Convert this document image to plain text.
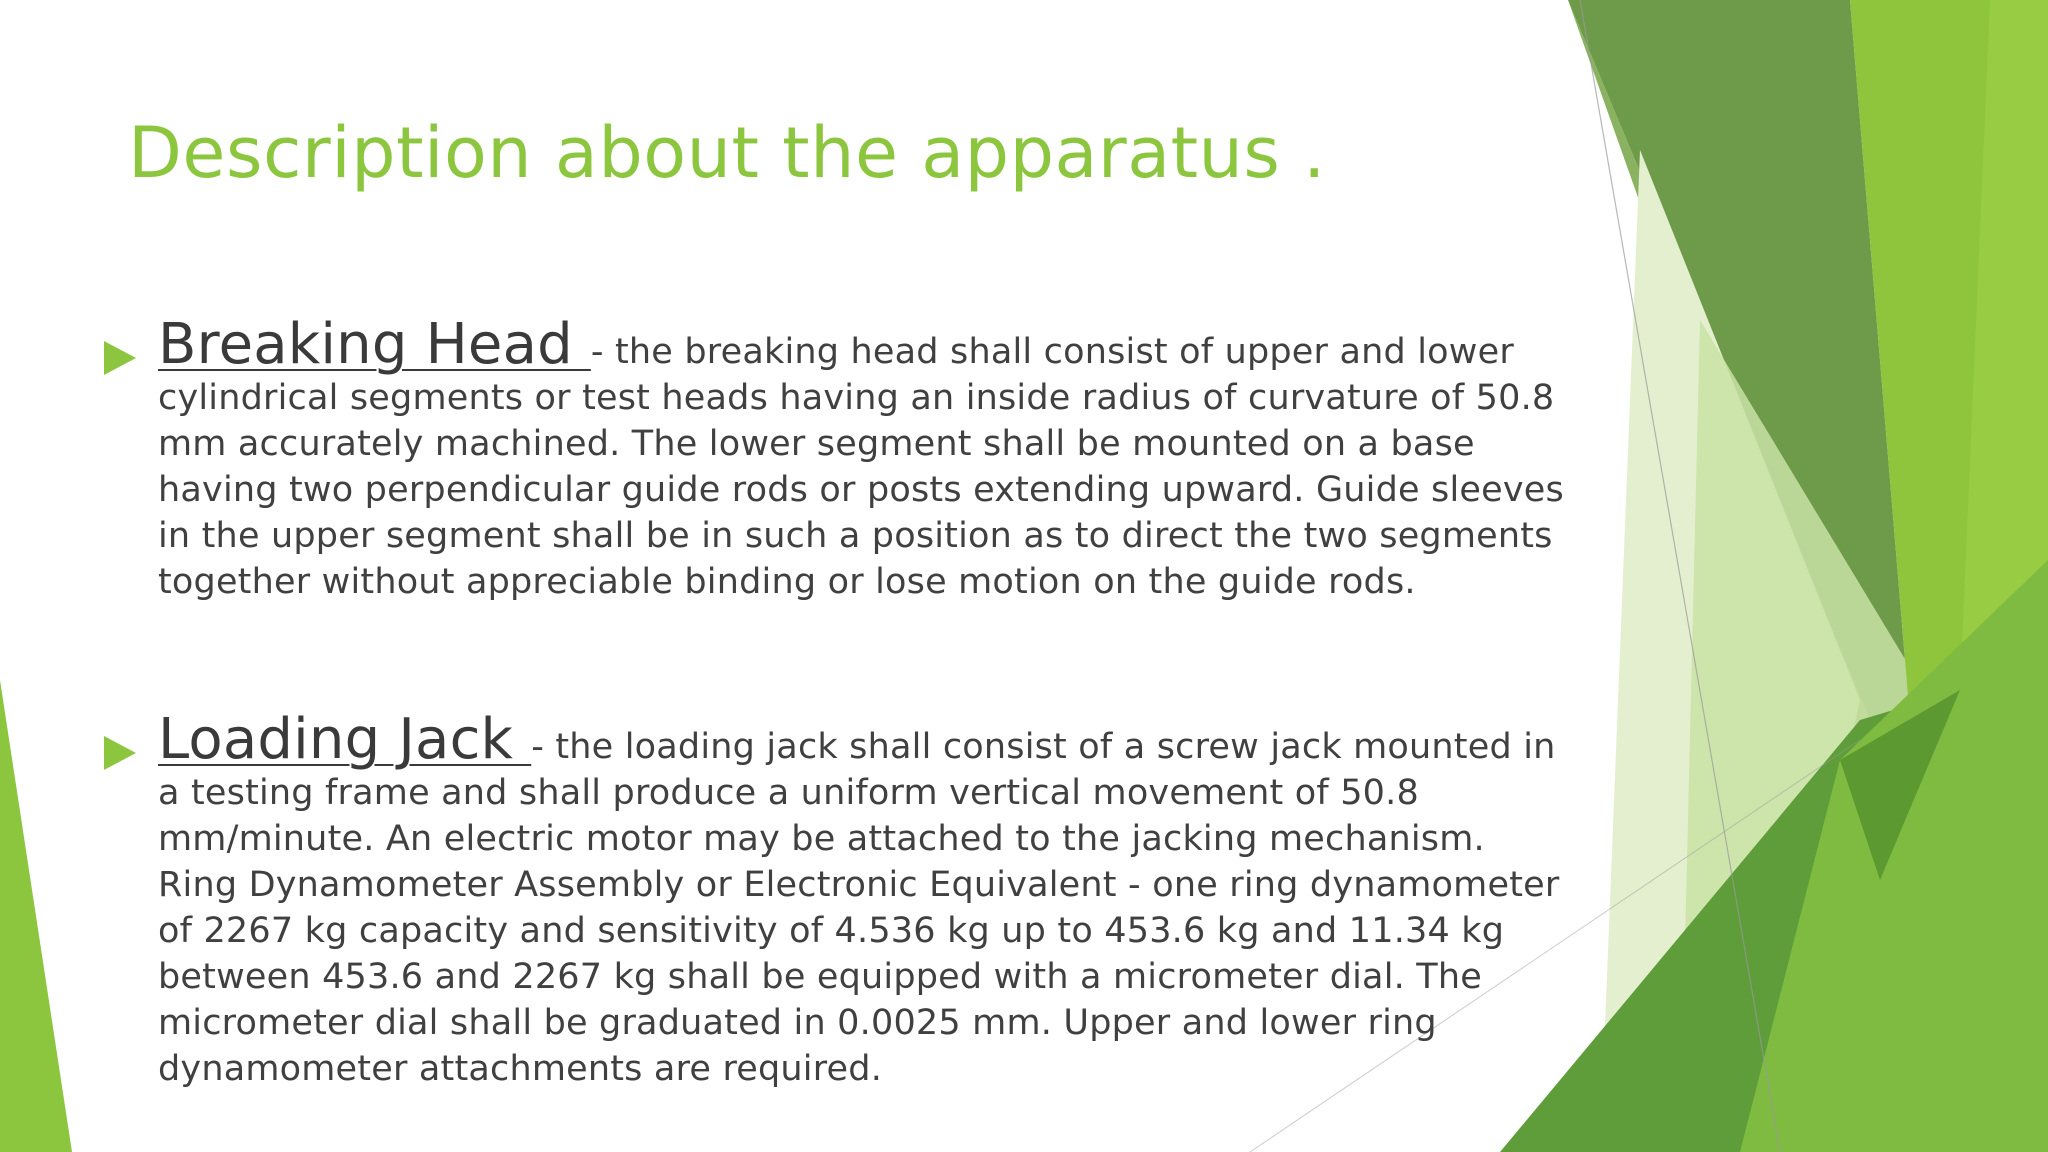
Description about the apparatus .
Breaking Head - the breaking head shall consist of upper and lower cylindrical segments or test heads having an inside radius of curvature of 50.8 mm accurately machined. The lower segment shall be mounted on a base having two perpendicular guide rods or posts extending upward. Guide sleeves in the upper segment shall be in such a position as to direct the two segments together without appreciable binding or lose motion on the guide rods.
Loading Jack - the loading jack shall consist of a screw jack mounted in a testing frame and shall produce a uniform vertical movement of 50.8 mm/minute. An electric motor may be attached to the jacking mechanism. Ring Dynamometer Assembly or Electronic Equivalent - one ring dynamometer of 2267 kg capacity and sensitivity of 4.536 kg up to 453.6 kg and 11.34 kg between 453.6 and 2267 kg shall be equipped with a micrometer dial. The micrometer dial shall be graduated in 0.0025 mm. Upper and lower ring dynamometer attachments are required.
